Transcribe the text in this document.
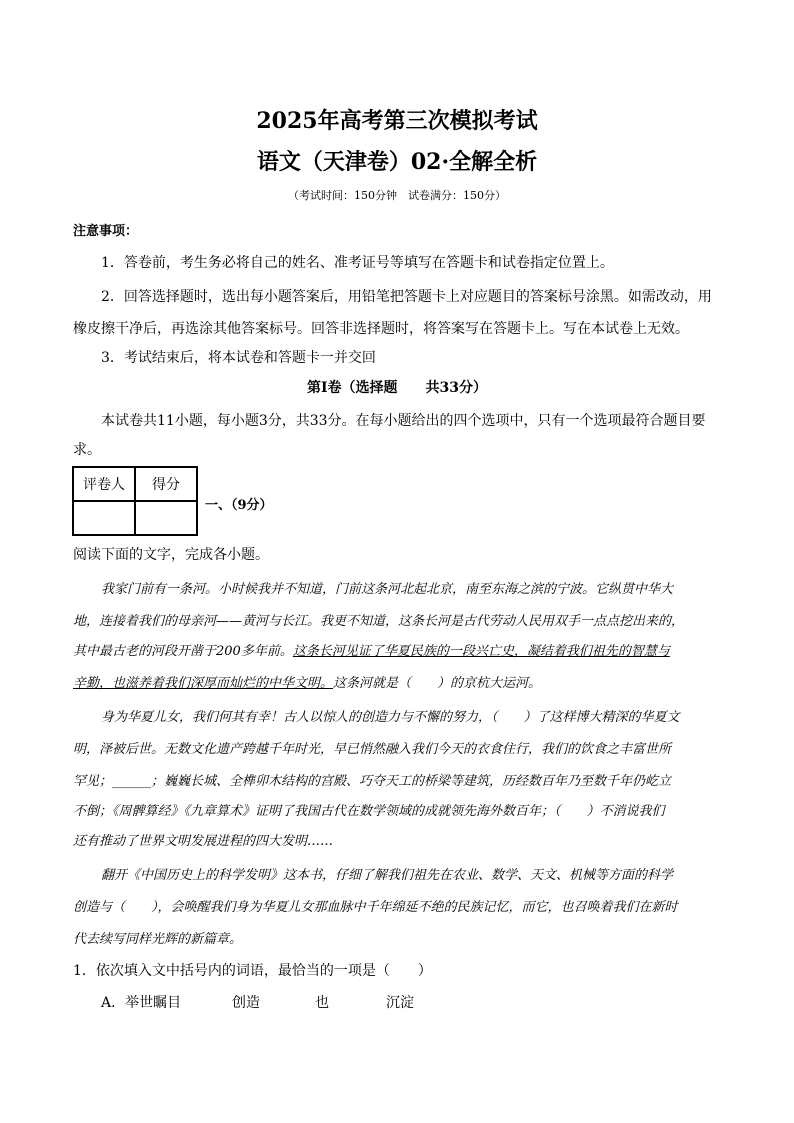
2025年高考第三次模拟考试
语文（天津卷）02·全解全析
（考试时间：150分钟　试卷满分：150分）
注意事项：
1．答卷前，考生务必将自己的姓名、准考证号等填写在答题卡和试卷指定位置上。
2．回答选择题时，选出每小题答案后，用铅笔把答题卡上对应题目的答案标号涂黑。如需改动，用
橡皮擦干净后，再选涂其他答案标号。回答非选择题时，将答案写在答题卡上。写在本试卷上无效。
3．考试结束后，将本试卷和答题卡一并交回
第Ⅰ卷（选择题　　共33分）
本试卷共11小题，每小题3分，共33分。在每小题给出的四个选项中，只有一个选项最符合题目要
求。
评卷人	得分

一、（9分）
阅读下面的文字，完成各小题。
我家门前有一条河。小时候我并不知道，门前这条河北起北京，南至东海之滨的宁波。它纵贯中华大
地，连接着我们的母亲河——黄河与长江。我更不知道，这条长河是古代劳动人民用双手一点点挖出来的，
其中最古老的河段开凿于200多年前。这条长河见证了华夏民族的一段兴亡史，凝结着我们祖先的智慧与
辛勤，也滋养着我们深厚而灿烂的中华文明。这条河就是（　　）的京杭大运河。
身为华夏儿女，我们何其有幸！古人以惊人的创造力与不懈的努力，（　　）了这样博大精深的华夏文
明，泽被后世。无数文化遗产跨越千年时光，早已悄然融入我们今天的衣食住行，我们的饮食之丰富世所
罕见；______；巍巍长城、全榫卯木结构的宫殿、巧夺天工的桥梁等建筑，历经数百年乃至数千年仍屹立
不倒；《周髀算经》《九章算术》证明了我国古代在数学领域的成就领先海外数百年；（　　）不消说我们
还有推动了世界文明发展进程的四大发明……
翻开《中国历史上的科学发明》这本书，仔细了解我们祖先在农业、数学、天文、机械等方面的科学
创造与（　　），会唤醒我们身为华夏儿女那血脉中千年绵延不绝的民族记忆，而它，也召唤着我们在新时
代去续写同样光辉的新篇章。
1．依次填入文中括号内的词语，最恰当的一项是（　　）
A．举世瞩目	创造	也	沉淀
